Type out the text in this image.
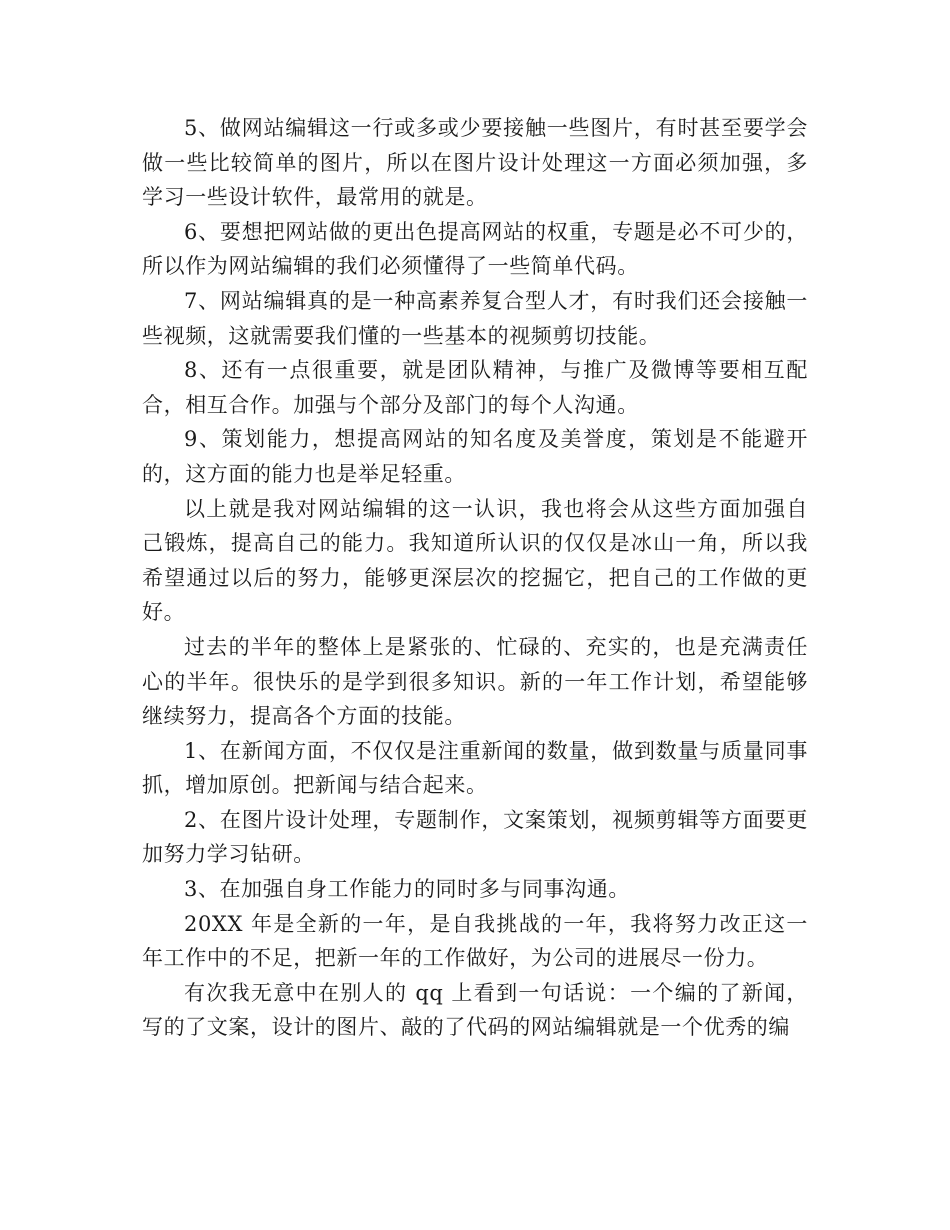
5、做网站编辑这一行或多或少要接触一些图片，有时甚至要学会做一些比较简单的图片，所以在图片设计处理这一方面必须加强，多学习一些设计软件，最常用的就是。

6、要想把网站做的更出色提高网站的权重，专题是必不可少的，所以作为网站编辑的我们必须懂得了一些简单代码。

7、网站编辑真的是一种高素养复合型人才，有时我们还会接触一些视频，这就需要我们懂的一些基本的视频剪切技能。

8、还有一点很重要，就是团队精神，与推广及微博等要相互配合，相互合作。加强与个部分及部门的每个人沟通。

9、策划能力，想提高网站的知名度及美誉度，策划是不能避开的，这方面的能力也是举足轻重。

以上就是我对网站编辑的这一认识，我也将会从这些方面加强自己锻炼，提高自己的能力。我知道所认识的仅仅是冰山一角，所以我希望通过以后的努力，能够更深层次的挖掘它，把自己的工作做的更好。

过去的半年的整体上是紧张的、忙碌的、充实的，也是充满责任心的半年。很快乐的是学到很多知识。新的一年工作计划，希望能够继续努力，提高各个方面的技能。

1、在新闻方面，不仅仅是注重新闻的数量，做到数量与质量同事抓，增加原创。把新闻与结合起来。

2、在图片设计处理，专题制作，文案策划，视频剪辑等方面要更加努力学习钻研。

3、在加强自身工作能力的同时多与同事沟通。

20XX 年是全新的一年，是自我挑战的一年，我将努力改正这一年工作中的不足，把新一年的工作做好，为公司的进展尽一份力。

有次我无意中在别人的 qq 上看到一句话说：一个编的了新闻，写的了文案，设计的图片、敲的了代码的网站编辑就是一个优秀的编
